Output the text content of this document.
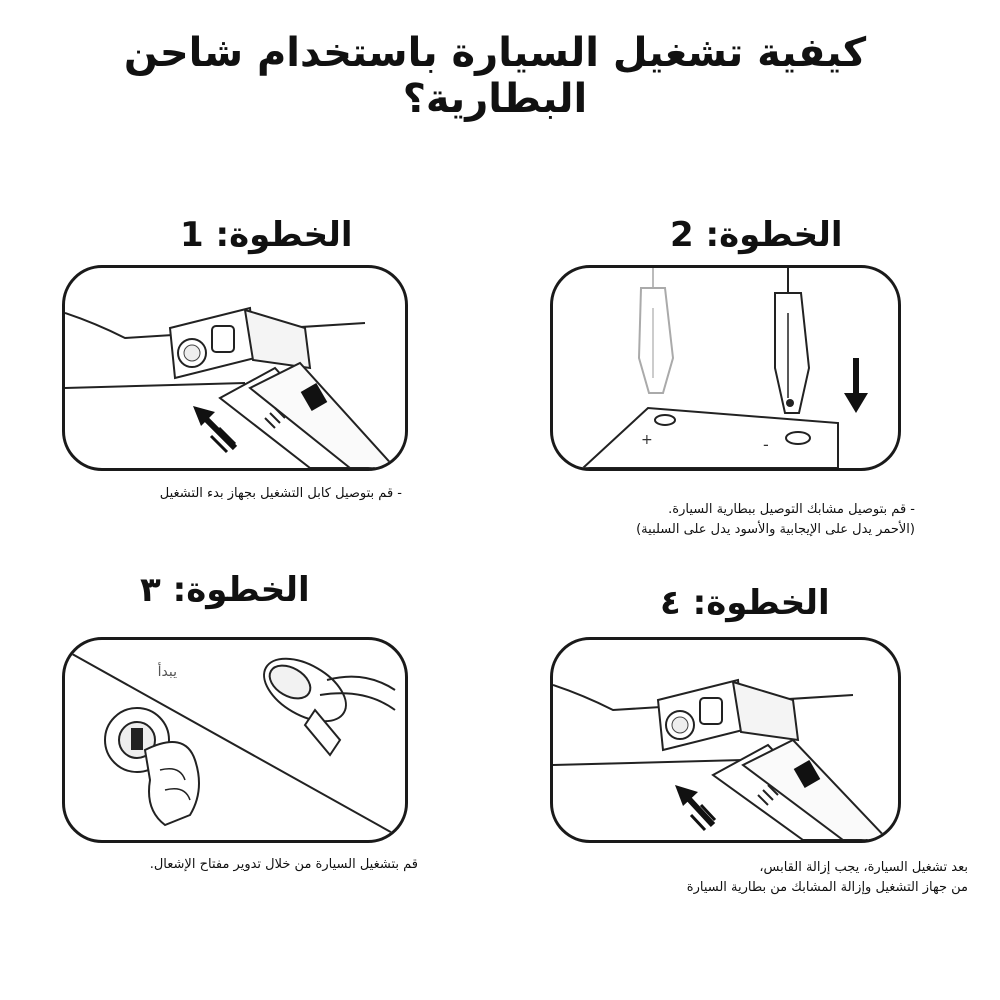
كيفية تشغيل السيارة باستخدام شاحن البطارية؟
الخطوة: 1
- قم بتوصيل كابل التشغيل بجهاز بدء التشغيل
الخطوة: 2
+	-
- قم بتوصيل مشابك التوصيل ببطارية السيارة.
(الأحمر يدل على الإيجابية والأسود يدل على السلبية)
الخطوة: ٣
يبدأ
قم بتشغيل السيارة من خلال تدوير مفتاح الإشعال.
الخطوة: ٤
بعد تشغيل السيارة، يجب إزالة القابس،
من جهاز التشغيل وإزالة المشابك من بطارية السيارة
